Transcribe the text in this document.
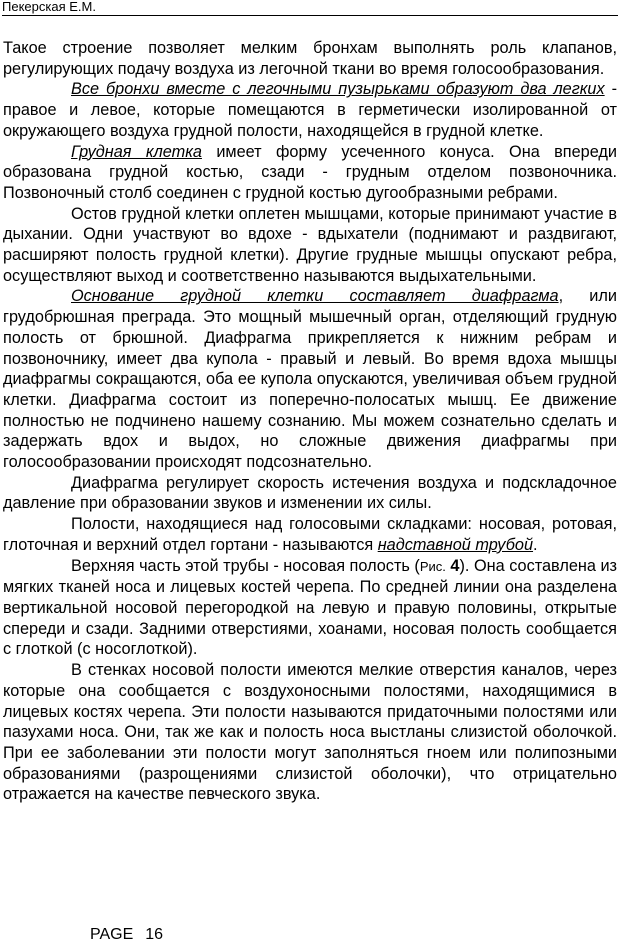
Пекерская Е.М.

Такое строение позволяет мелким бронхам выполнять роль клапанов, регулирующих подачу воздуха из легочной ткани во время голосообразования.

Все бронхи вместе с легочными пузырьками образуют два легких - правое и левое, которые помещаются в герметически изолированной от окружающего воздуха грудной полости, находящейся в грудной клетке.

Грудная клетка имеет форму усеченного конуса. Она впереди образована грудной костью, сзади - грудным отделом позвоночника. Позвоночный столб соединен с грудной костью дугообразными ребрами.

Остов грудной клетки оплетен мышцами, которые принимают участие в дыхании. Одни участвуют во вдохе - вдыхатели (поднимают и раздвигают, расширяют полость грудной клетки). Другие грудные мышцы опускают ребра, осуществляют выход и соответственно называются выдыхательными.

Основание грудной клетки составляет диафрагма, или грудобрюшная преграда. Это мощный мышечный орган, отделяющий грудную полость от брюшной. Диафрагма прикрепляется к нижним ребрам и позвоночнику, имеет два купола - правый и левый. Во время вдоха мышцы диафрагмы сокращаются, оба ее купола опускаются, увеличивая объем грудной клетки. Диафрагма состоит из поперечно-полосатых мышц. Ее движение полностью не подчинено нашему сознанию. Мы можем сознательно сделать и задержать вдох и выдох, но сложные движения диафрагмы при голосообразовании происходят подсознательно.

Диафрагма регулирует скорость истечения воздуха и подскладочное давление при образовании звуков и изменении их силы.

Полости, находящиеся над голосовыми складками: носовая, ротовая, глоточная и верхний отдел гортани - называются надставной трубой.

Верхняя часть этой трубы - носовая полость (Рис. 4). Она составлена из мягких тканей носа и лицевых костей черепа. По средней линии она разделена вертикальной носовой перегородкой на левую и правую половины, открытые спереди и сзади. Задними отверстиями, хоанами, носовая полость сообщается с глоткой (с носоглоткой).

В стенках носовой полости имеются мелкие отверстия каналов, через которые она сообщается с воздухоносными полостями, находящимися в лицевых костях черепа. Эти полости называются придаточными полостями или пазухами носа. Они, так же как и полость носа выстланы слизистой оболочкой. При ее заболевании эти полости могут заполняться гноем или полипозными образованиями (разрощениями слизистой оболочки), что отрицательно отражается на качестве певческого звука.

PAGE 16
